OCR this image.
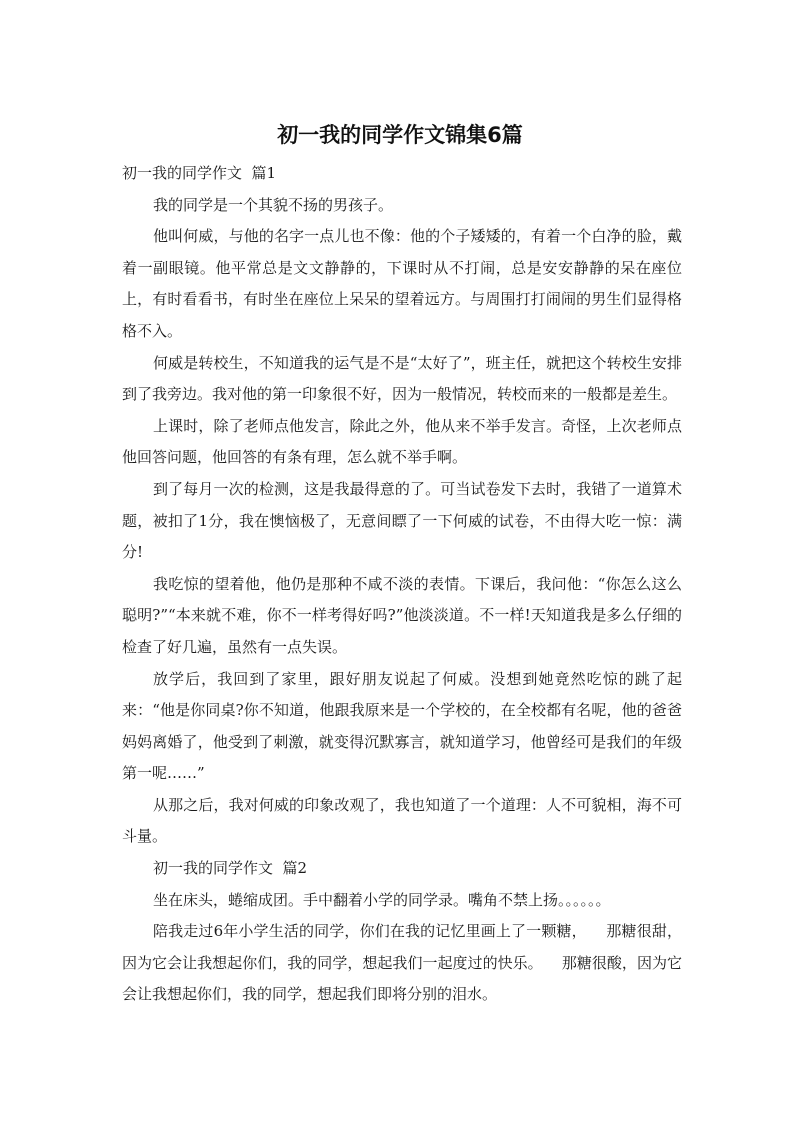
初一我的同学作文锦集6篇

初一我的同学作文  篇1

我的同学是一个其貌不扬的男孩子。

他叫何威，与他的名字一点儿也不像：他的个子矮矮的，有着一个白净的脸，戴着一副眼镜。他平常总是文文静静的，下课时从不打闹，总是安安静静的呆在座位上，有时看看书，有时坐在座位上呆呆的望着远方。与周围打打闹闹的男生们显得格格不入。

何威是转校生，不知道我的运气是不是“太好了”，班主任，就把这个转校生安排到了我旁边。我对他的第一印象很不好，因为一般情况，转校而来的一般都是差生。

上课时，除了老师点他发言，除此之外，他从来不举手发言。奇怪，上次老师点他回答问题，他回答的有条有理，怎么就不举手啊。

到了每月一次的检测，这是我最得意的了。可当试卷发下去时，我错了一道算术题，被扣了1分，我在懊恼极了，无意间瞟了一下何威的试卷，不由得大吃一惊：满分!

我吃惊的望着他，他仍是那种不咸不淡的表情。下课后，我问他：“你怎么这么聪明?”“本来就不难，你不一样考得好吗?”他淡淡道。不一样!天知道我是多么仔细的检查了好几遍，虽然有一点失误。

放学后，我回到了家里，跟好朋友说起了何威。没想到她竟然吃惊的跳了起来：“他是你同桌?你不知道，他跟我原来是一个学校的，在全校都有名呢，他的爸爸妈妈离婚了，他受到了刺激，就变得沉默寡言，就知道学习，他曾经可是我们的年级第一呢……”

从那之后，我对何威的印象改观了，我也知道了一个道理：人不可貌相，海不可斗量。

初一我的同学作文  篇2

坐在床头，蜷缩成团。手中翻着小学的同学录。嘴角不禁上扬。。。。。。

陪我走过6年小学生活的同学，你们在我的记忆里画上了一颗糖，    那糖很甜，因为它会让我想起你们，我的同学，想起我们一起度过的快乐。    那糖很酸，因为它会让我想起你们，我的同学，想起我们即将分别的泪水。
